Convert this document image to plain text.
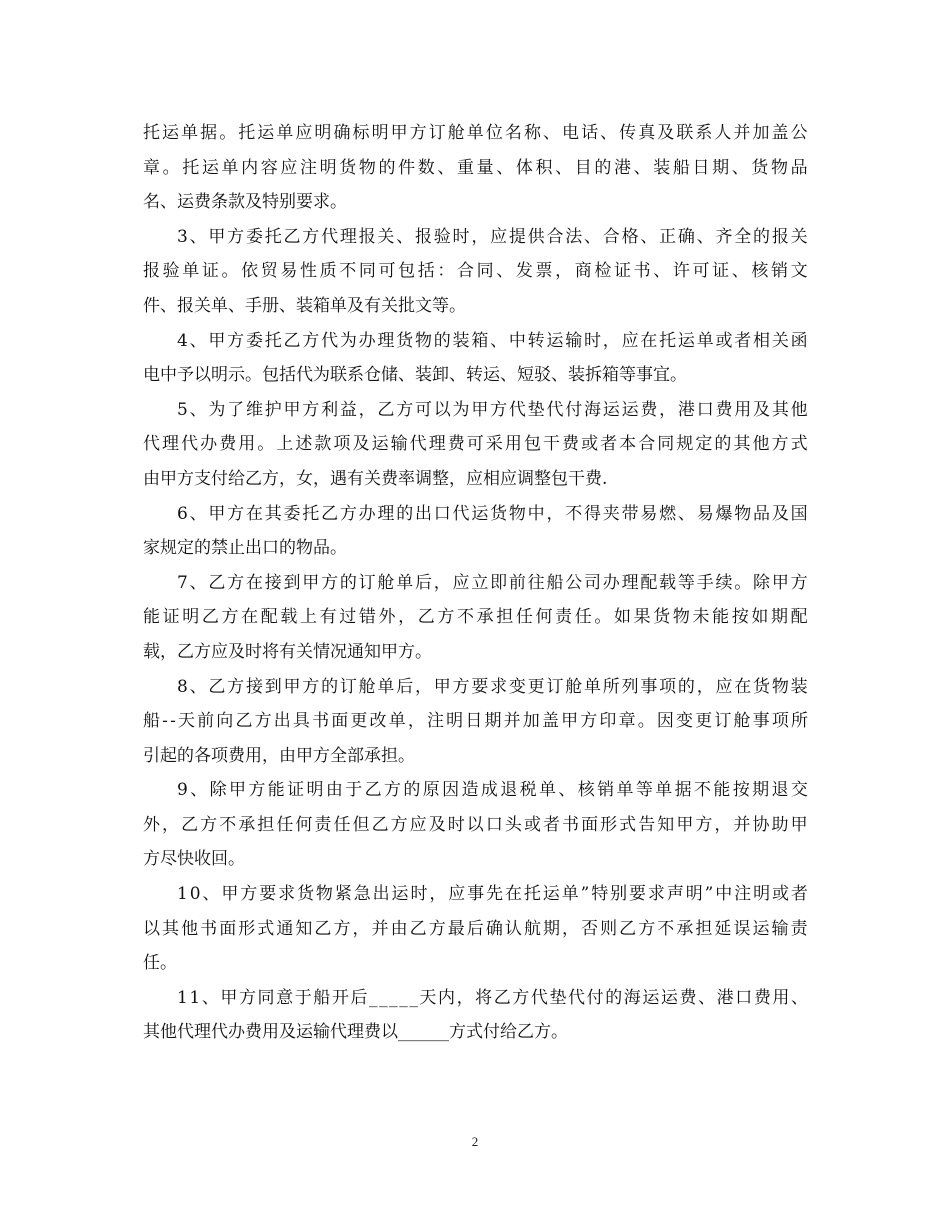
托 运 单 据 。 托 运 单 应 明 确 标 明 甲 方 订 舱 单 位 名 称 、 电 话 、 传 真 及 联 系 人 并 加 盖 公
章 。 托 运 单 内 容 应 注 明 货 物 的 件 数 、 重 量 、 体 积 、 目 的 港 、 装 船 日 期 、 货 物 品
名、运费条款及特别要求。
3 、 甲 方 委 托 乙 方 代 理 报 关 、 报 验 时 ， 应 提 供 合 法 、 合 格 、 正 确 、 齐 全 的 报 关
报 验 单 证 。 依 贸 易 性 质 不 同 可 包 括 ： 合 同 、 发 票 ， 商 检 证 书 、 许 可 证 、 核 销 文
件、报关单、手册、装箱单及有关批文等。
4 、 甲 方 委 托 乙 方 代 为 办 理 货 物 的 装 箱 、 中 转 运 输 时 ， 应 在 托 运 单 或 者 相 关 函
电中予以明示。包括代为联系仓储、装卸、转运、短驳、装拆箱等事宜。
5 、 为 了 维 护 甲 方 利 益 ， 乙 方 可 以 为 甲 方 代 垫 代 付 海 运 运 费 ， 港 口 费 用 及 其 他
代 理 代 办 费 用 。 上 述 款 项 及 运 输 代 理 费 可 采 用 包 干 费 或 者 本 合 同 规 定 的 其 他 方 式
由甲方支付给乙方，女，遇有关费率调整，应相应调整包干费.
6 、 甲 方 在 其 委 托 乙 方 办 理 的 出 口 代 运 货 物 中 ， 不 得 夹 带 易 燃 、 易 爆 物 品 及 国
家规定的禁止出口的物品。
7 、 乙 方 在 接 到 甲 方 的 订 舱 单 后 ， 应 立 即 前 往 船 公 司 办 理 配 载 等 手 续 。 除 甲 方
能 证 明 乙 方 在 配 载 上 有 过 错 外 ， 乙 方 不 承 担 任 何 责 任 。 如 果 货 物 未 能 按 如 期 配
载，乙方应及时将有关情况通知甲方。
8 、 乙 方 接 到 甲 方 的 订 舱 单 后 ， 甲 方 要 求 变 更 订 舱 单 所 列 事 项 的 ， 应 在 货 物 装
船 - - 天 前 向 乙 方 出 具 书 面 更 改 单 ， 注 明 日 期 并 加 盖 甲 方 印 章 。 因 变 更 订 舱 事 项 所
引起的各项费用，由甲方全部承担。
9 、 除 甲 方 能 证 明 由 于 乙 方 的 原 因 造 成 退 税 单 、 核 销 单 等 单 据 不 能 按 期 退 交
外 ， 乙 方 不 承 担 任 何 责 任 但 乙 方 应 及 时 以 口 头 或 者 书 面 形 式 告 知 甲 方 ， 并 协 助 甲
方尽快收回。
1 0 、 甲 方 要 求 货 物 紧 急 出 运 时 ， 应 事 先 在 托 运 单 ” 特 别 要 求 声 明 ” 中 注 明 或 者
以 其 他 书 面 形 式 通 知 乙 方 ， 并 由 乙 方 最 后 确 认 航 期 ， 否 则 乙 方 不 承 担 延 误 运 输 责
任。
1 1 、 甲 方 同 意 于 船 开 后 _ _ _ _ _ 天 内 ， 将 乙 方 代 垫 代 付 的 海 运 运 费 、 港 口 费 用 、
其他代理代办费用及运输代理费以______方式付给乙方。
2
